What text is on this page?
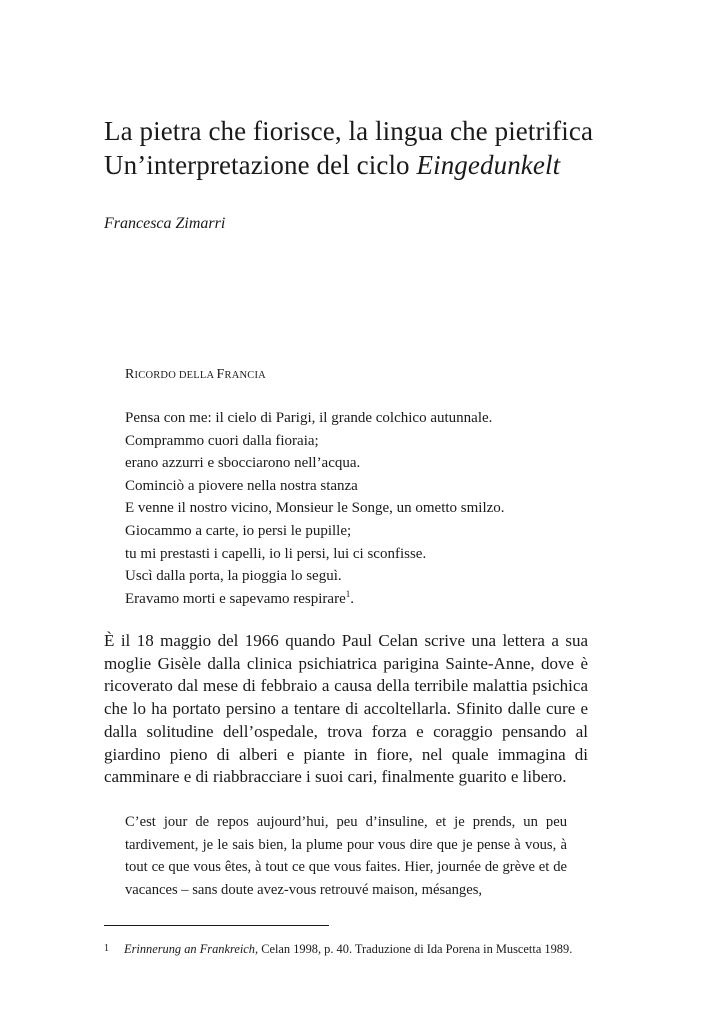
La pietra che fiorisce, la lingua che pietrifica
Un’interpretazione del ciclo Eingedunkelt
Francesca Zimarri
RICORDO DELLA FRANCIA

Pensa con me: il cielo di Parigi, il grande colchico autunnale.

Comprammo cuori dalla fioraia;

erano azzurri e sbocciarono nell’acqua.

Cominciò a piovere nella nostra stanza

E venne il nostro vicino, Monsieur le Songe, un ometto smilzo.

Giocammo a carte, io persi le pupille;

tu mi prestasti i capelli, io li persi, lui ci sconfisse.

Uscì dalla porta, la pioggia lo seguì.

Eravamo morti e sapevamo respirare$^1$.

È il 18 maggio del 1966 quando Paul Celan scrive una lettera a sua moglie Gisèle dalla clinica psichiatrica parigina Sainte-Anne, dove è ricoverato dal mese di febbraio a causa della terribile malattia psichica che lo ha portato persino a tentare di accoltellarla. Sfinito dalle cure e dalla solitudine dell’ospedale, trova forza e coraggio pensando al giardino pieno di alberi e piante in fiore, nel quale immagina di camminare e di riabbracciare i suoi cari, finalmente guarito e libero.

C’est jour de repos aujourd’hui, peu d’insuline, et je prends, un peu tardivement, je le sais bien, la plume pour vous dire que je pense à vous, à tout ce que vous êtes, à tout ce que vous faites. Hier, journée de grève et de vacances – sans doute avez-vous retrouvé maison, mésanges,

1 Erinnerung an Frankreich, Celan 1998, p. 40. Traduzione di Ida Porena in Muscetta 1989.
